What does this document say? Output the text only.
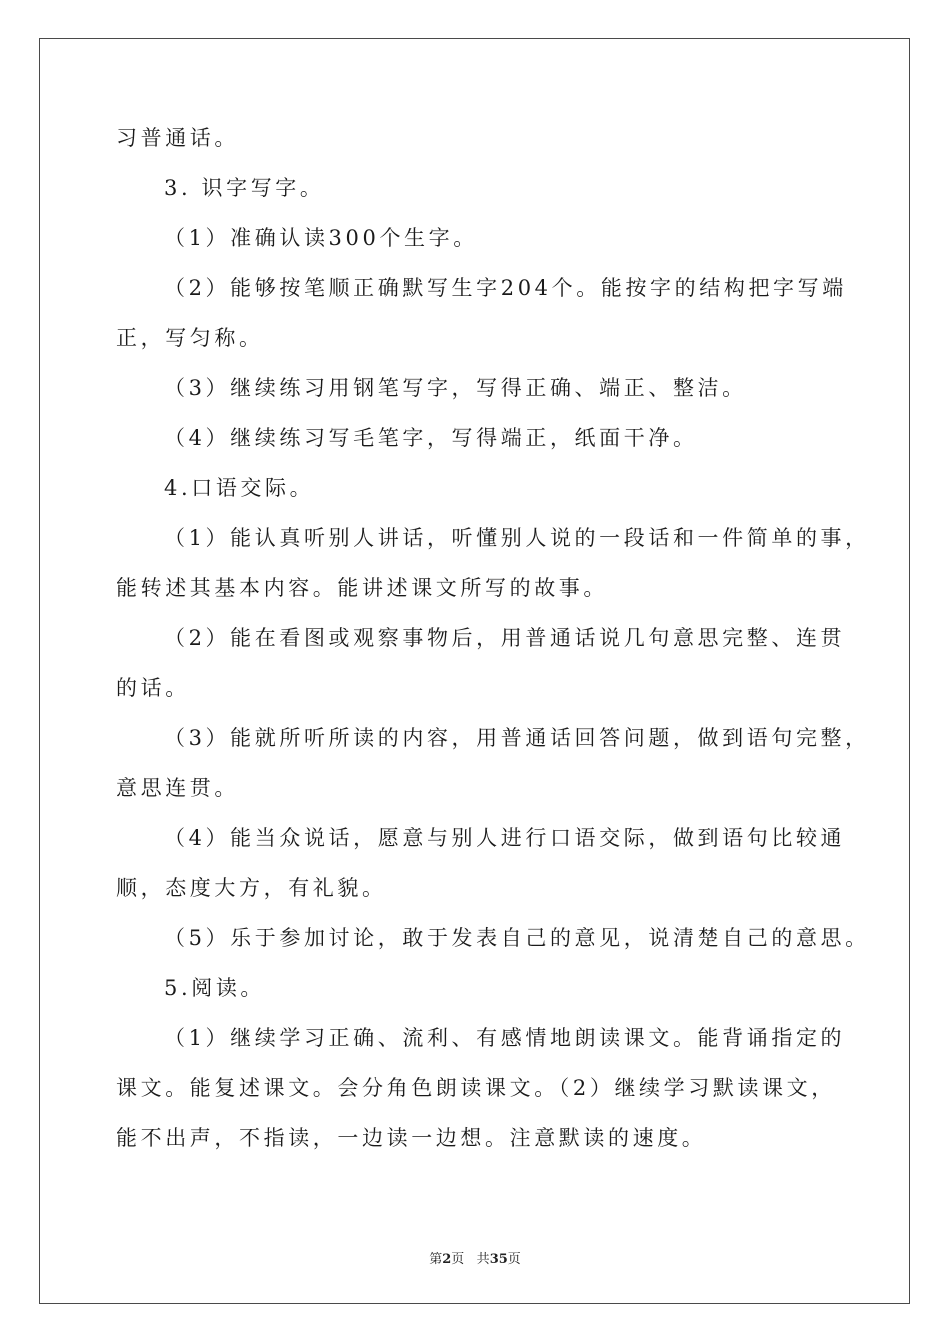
习普通话。
3. 识字写字。
（1）准确认读300个生字。
（2）能够按笔顺正确默写生字204个。能按字的结构把字写端
正，写匀称。
（3）继续练习用钢笔写字，写得正确、端正、整洁。
（4）继续练习写毛笔字，写得端正，纸面干净。
4.口语交际。
（1）能认真听别人讲话，听懂别人说的一段话和一件简单的事，
能转述其基本内容。能讲述课文所写的故事。
（2）能在看图或观察事物后，用普通话说几句意思完整、连贯
的话。
（3）能就所听所读的内容，用普通话回答问题，做到语句完整，
意思连贯。
（4）能当众说话，愿意与别人进行口语交际，做到语句比较通
顺，态度大方，有礼貌。
（5）乐于参加讨论，敢于发表自己的意见，说清楚自己的意思。
5.阅读。
（1）继续学习正确、流利、有感情地朗读课文。能背诵指定的
课文。能复述课文。会分角色朗读课文。（2）继续学习默读课文，
能不出声，不指读，一边读一边想。注意默读的速度。
第2页 共35页
